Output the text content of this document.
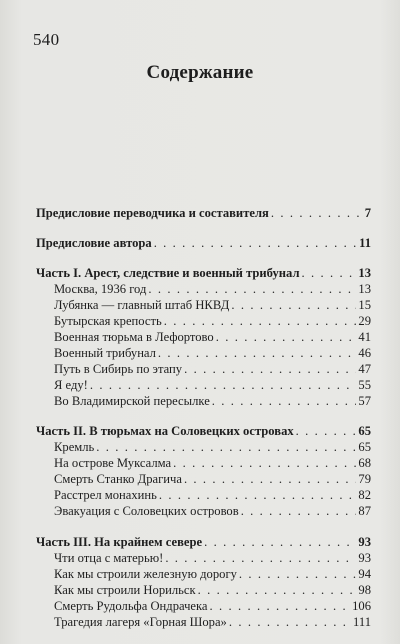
540
Содержание
Предисловие переводчика и составителя . . .	7
Предисловие автора . . .	11
Часть I. Арест, следствие и военный трибунал . . .	13
Москва, 1936 год . . .	13
Лубянка — главный штаб НКВД . . .	15
Бутырская крепость . . .	29
Военная тюрьма в Лефортово . . .	41
Военный трибунал . . .	46
Путь в Сибирь по этапу . . .	47
Я еду! . . .	55
Во Владимирской пересылке . . .	57
Часть II. В тюрьмах на Соловецких островах . . .	65
Кремль . . .	65
На острове Муксалма . . .	68
Смерть Станко Драгича . . .	79
Расстрел монахинь . . .	82
Эвакуация с Соловецких островов . . .	87
Часть III. На крайнем севере . . .	93
Чти отца с матерью! . . .	93
Как мы строили железную дорогу . . .	94
Как мы строили Норильск . . .	98
Смерть Рудольфа Ондрачека . . .	106
Трагедия лагеря «Горная Шора» . . .	111
